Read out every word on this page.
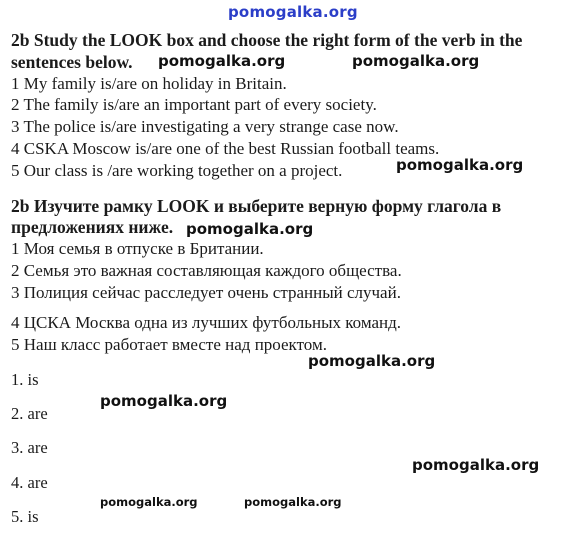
pomogalka.org
2b Study the LOOK box and choose the right form of the verb in the
sentences below. pomogalka.org	pomogalka.org
1 My family is/are on holiday in Britain.
2 The family is/are an important part of every society.
3 The police is/are investigating a very strange case now.
4 CSKA Moscow is/are one of the best Russian football teams.
5 Our class is /are working together on a project.	pomogalka.org
2b Изучите рамку LOOK и выберите верную форму глагола в
предложениях ниже. pomogalka.org
1 Моя семья в отпуске в Британии.
2 Семья это важная составляющая каждого общества.
3 Полиция сейчас расследует очень странный случай.
4 ЦСКА Москва одна из лучших футбольных команд.
5 Наш класс работает вместе над проектом.
pomogalka.org
1. is
pomogalka.org
2. are
3. are
pomogalka.org
4. are
pomogalka.org	pomogalka.org
5. is
